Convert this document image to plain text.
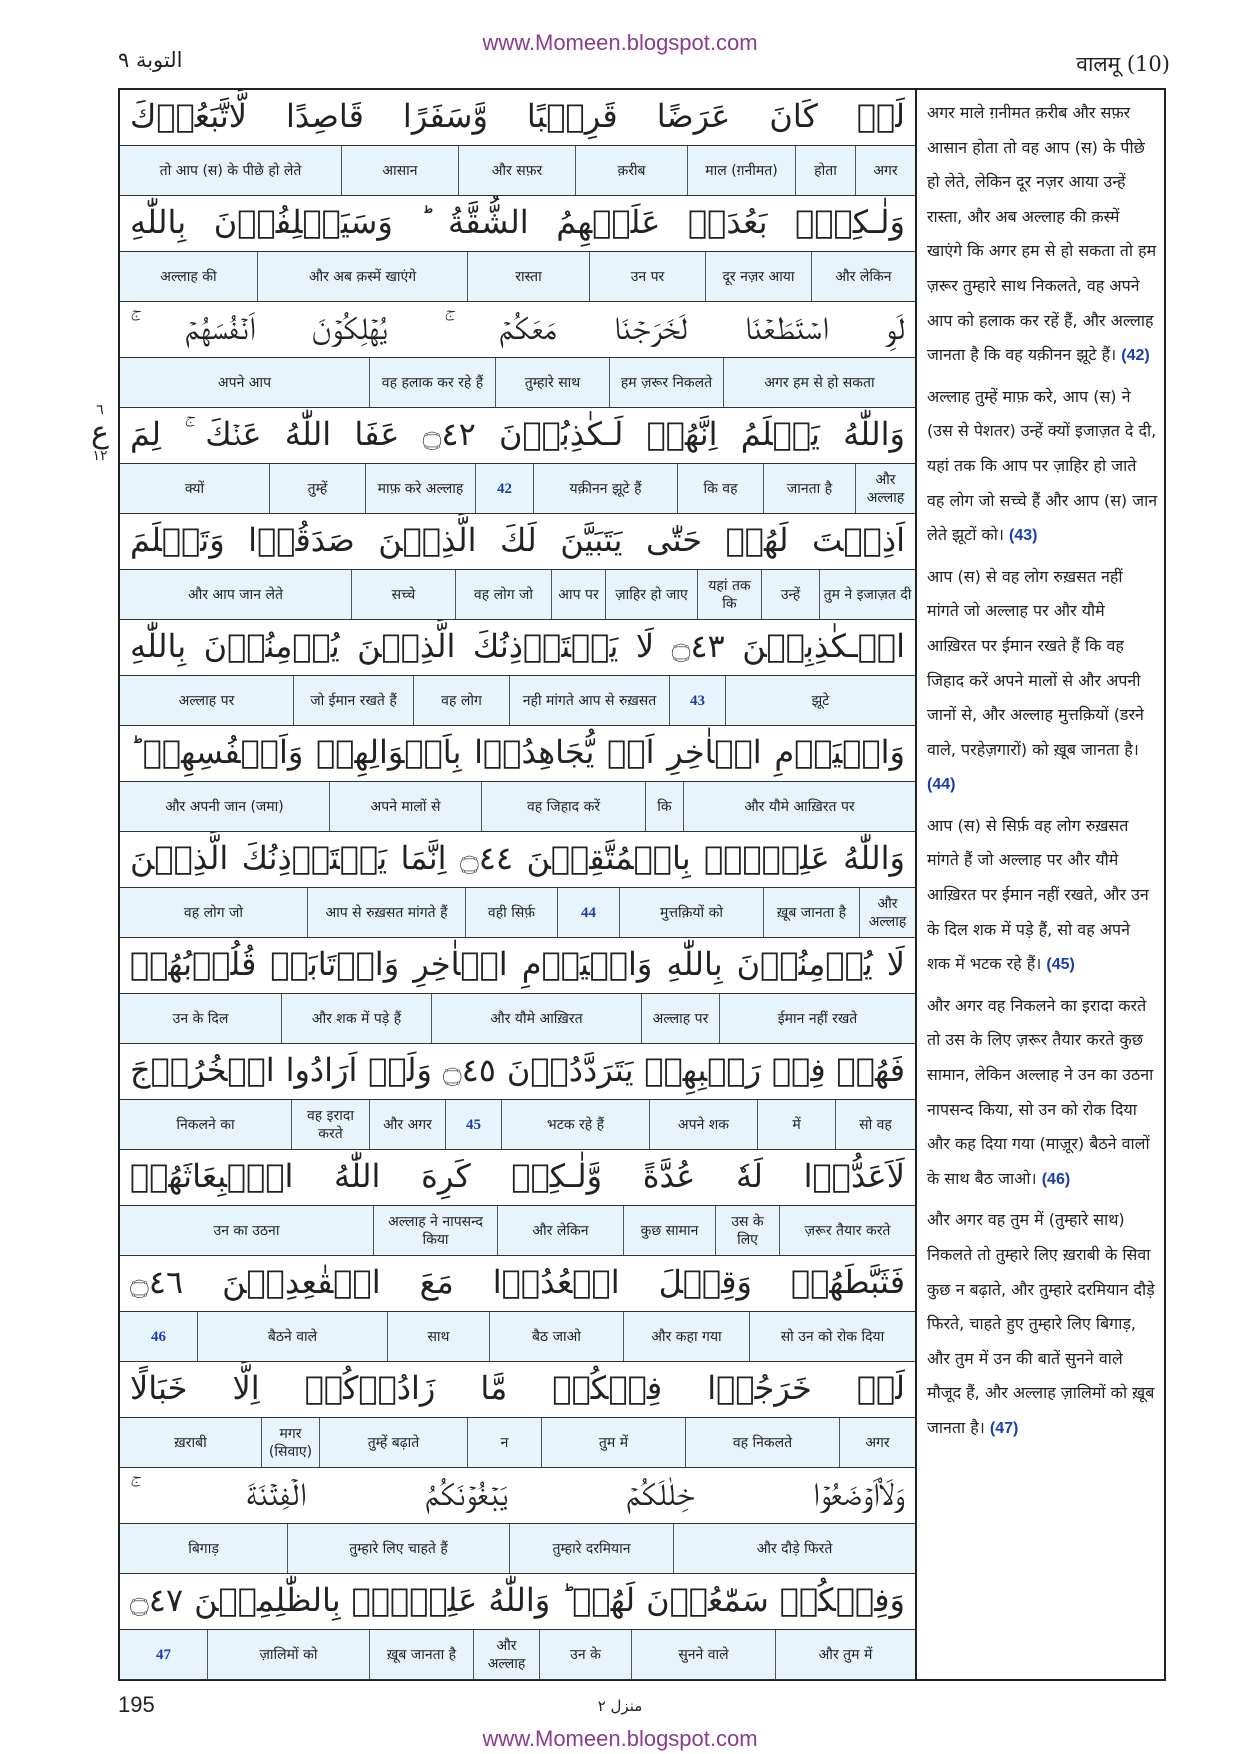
www.Momeen.blogspot.com
التوبة ٩	वालमू (10)
٦
ع
١٢
لَوۡ كَانَ عَرَضًا قَرِيۡبًا وَّسَفَرًا قَاصِدًا لَّاتَّبَعُوۡكَ
अगर
होता
माल (ग़नीमत)
क़रीब
और सफ़र
आसान
तो आप (स) के पीछे हो लेते
وَلٰـكِنۡۢ بَعُدَتۡ عَلَيۡهِمُ الشُّقَّةُ ‌ؕ وَسَيَحۡلِفُوۡنَ بِاللّٰهِ
और लेकिन
दूर नज़र आया
उन पर
रास्ता
और अब क़स्में खाएंगे
अल्लाह की
لَوِ اسۡتَطَعۡنَا لَخَرَجۡنَا مَعَكُمۡ‌ ۚ يُهۡلِكُوۡنَ اَنۡفُسَهُمۡ‌ ۚ
अगर हम से हो सकता
हम ज़रूर निकलते
तुम्हारे साथ
वह हलाक कर रहे हैं
अपने आप
وَاللّٰهُ يَعۡلَمُ اِنَّهُمۡ لَـكٰذِبُوۡنَ ۝٤٢ عَفَا اللّٰهُ عَنۡكَ‌ ۚ لِمَ
और अल्लाह
जानता है
कि वह
यक़ीनन झूटे हैं
42
माफ़ करे अल्लाह
तुम्हें
क्यों
اَذِنۡتَ لَهُمۡ حَتّٰى يَتَبَيَّنَ لَكَ الَّذِيۡنَ صَدَقُوۡا وَتَعۡلَمَ
तुम ने इजाज़त दी
उन्हें
यहां तक कि
ज़ाहिर हो जाए
आप पर
वह लोग जो
सच्चे
और आप जान लेते
الۡـكٰذِبِيۡنَ ۝٤٣ لَا يَسۡتَاۡذِنُكَ الَّذِيۡنَ يُؤۡمِنُوۡنَ بِاللّٰهِ
झूटे
43
नही मांगते आप से रुख़सत
वह लोग
जो ईमान रखते हैं
अल्लाह पर
وَالۡيَوۡمِ الۡاٰخِرِ اَنۡ يُّجَاهِدُوۡا بِاَمۡوَالِهِمۡ وَاَنۡفُسِهِمۡ‌ ؕ
और यौमे आख़िरत पर
कि
वह जिहाद करें
अपने मालों से
और अपनी जान (जमा)
وَاللّٰهُ عَلِيۡمٌۢ بِالۡمُتَّقِيۡنَ ۝٤٤ اِنَّمَا يَسۡتَاۡذِنُكَ الَّذِيۡنَ
और अल्लाह
ख़ूब जानता है
मुत्तक़ियों को
44
वही सिर्फ़
आप से रुख़सत मांगते हैं
वह लोग जो
لَا يُؤۡمِنُوۡنَ بِاللّٰهِ وَالۡيَوۡمِ الۡاٰخِرِ وَارۡتَابَتۡ قُلُوۡبُهُمۡ
ईमान नहीं रखते
अल्लाह पर
और यौमे आख़िरत
और शक में पड़े हैं
उन के दिल
فَهُمۡ فِىۡ رَيۡبِهِمۡ يَتَرَدَّدُوۡنَ ۝٤٥ وَلَوۡ اَرَادُوا الۡخُرُوۡجَ
सो वह
में
अपने शक
भटक रहे हैं
45
और अगर
वह इरादा करते
निकलने का
لَاَعَدُّوۡا لَهٗ عُدَّةً وَّلٰـكِنۡ كَرِهَ اللّٰهُ انۡۢبِعَاثَهُمۡ
ज़रूर तैयार करते
उस के लिए
कुछ सामान
और लेकिन
अल्लाह ने नापसन्द किया
उन का उठना
فَثَبَّطَهُمۡ وَقِيۡلَ اقۡعُدُوۡا مَعَ الۡقٰعِدِيۡنَ ۝٤٦
सो उन को रोक दिया
और कहा गया
बैठ जाओ
साथ
बैठने वाले
46
لَوۡ خَرَجُوۡا فِيۡكُمۡ مَّا زَادُوۡكُمۡ اِلَّا خَبَالًا
अगर
वह निकलते
तुम में
न
तुम्हें बढ़ाते
मगर (सिवाए)
ख़राबी
وَلَا۟اَوۡضَعُوۡا خِلٰلَكُمۡ يَبۡغُوۡنَكُمُ الۡفِتۡنَةَ‌ ۚ
और दौड़े फिरते
तुम्हारे दरमियान
तुम्हारे लिए चाहते हैं
बिगाड़
وَفِيۡكُمۡ سَمّٰعُوۡنَ لَهُمۡ‌ ؕ وَاللّٰهُ عَلِيۡمٌۢ بِالظّٰلِمِيۡنَ ۝٤٧
और तुम में
सुनने वाले
उन के
और अल्लाह
ख़ूब जानता है
ज़ालिमों को
47
अगर माले ग़नीमत क़रीब और सफ़र आसान होता तो वह आप (स) के पीछे हो लेते, लेकिन दूर नज़र आया उन्हें रास्ता, और अब अल्लाह की क़स्में खाएंगे कि अगर हम से हो सकता तो हम ज़रूर तुम्हारे साथ निकलते, वह अपने आप को हलाक कर रहें हैं, और अल्लाह जानता है कि वह यक़ीनन झूटे हैं। (42)
अल्लाह तुम्हें माफ़ करे, आप (स) ने (उस से पेशतर) उन्हें क्यों इजाज़त दे दी, यहां तक कि आप पर ज़ाहिर हो जाते वह लोग जो सच्चे हैं और आप (स) जान लेते झूटों को। (43)
आप (स) से वह लोग रुख़सत नहीं मांगते जो अल्लाह पर और यौमे आख़िरत पर ईमान रखते हैं कि वह जिहाद करें अपने मालों से और अपनी जानों से, और अल्लाह मुत्तक़ियों (डरने वाले, परहेज़गारों) को ख़ूब जानता है। (44)
आप (स) से सिर्फ़ वह लोग रुख़सत मांगते हैं जो अल्लाह पर और यौमे आख़िरत पर ईमान नहीं रखते, और उन के दिल शक में पड़े हैं, सो वह अपने शक में भटक रहे हैं। (45)
और अगर वह निकलने का इरादा करते तो उस के लिए ज़रूर तैयार करते कुछ सामान, लेकिन अल्लाह ने उन का उठना नापसन्द किया, सो उन को रोक दिया और कह दिया गया (माज़ूर) बैठने वालों के साथ बैठ जाओ। (46)
और अगर वह तुम में (तुम्हारे साथ) निकलते तो तुम्हारे लिए ख़राबी के सिवा कुछ न बढ़ाते, और तुम्हारे दरमियान दौड़े फिरते, चाहते हुए तुम्हारे लिए बिगाड़, और तुम में उन की बातें सुनने वाले मौजूद हैं, और अल्लाह ज़ालिमों को ख़ूब जानता है। (47)
195	منزل ٢
www.Momeen.blogspot.com
